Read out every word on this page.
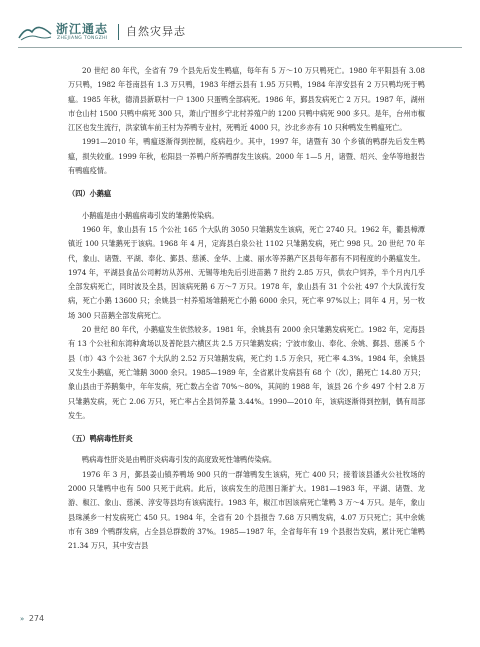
浙江通志
ZHEJIANG TONGZHI
自然灾异志

20 世纪 80 年代，全省有 79 个县先后发生鸭瘟，每年有 5 万～10 万只鸭死亡。1980 年平阳县有 3.08 万只鸭，1982 年苍南县有 1.3 万只鸭，1983 年缙云县有 1.95 万只鸭，1984 年淳安县有 2 万只鸭均死于鸭瘟。1985 年秋，德清县新联村一户 1300 只蛋鸭全部病死。1986 年，鄞县发病死亡 2 万只。1987 年，湖州市仓山村 1500 只鸭中病死 300 只，萧山宁围乡宁北村养殖户的 1200 只鸭中病死 900 多只。是年，台州市椒江区也发生流行，洪家镇车前王村为养鸭专业村，死鸭近 4000 只，沙北乡亦有 10 只种鸭发生鸭瘟死亡。

1991—2010 年，鸭瘟逐渐得到控制，疫病趋少。其中，1997 年，诸暨有 30 个乡镇的鸭群先后发生鸭瘟，损失较重。1999 年秋，松阳县一养鸭户所养鸭群发生该病。2000 年 1—5 月，诸暨、绍兴、金华等地报告有鸭瘟疫情。

（四）小鹅瘟

小鹅瘟是由小鹅瘟病毒引发的雏鹅传染病。

1960 年，象山县有 15 个公社 165 个大队的 3050 只雏鹅发生该病，死亡 2740 只。1962 年，衢县樟潭镇近 100 只雏鹅死于该病。1968 年 4 月，定海县白泉公社 1102 只雏鹅发病，死亡 998 只。20 世纪 70 年代，象山、诸暨、平湖、奉化、鄞县、慈溪、金华、上虞、丽水等养鹅产区县每年都有不同程度的小鹅瘟发生。1974 年，平湖县食品公司孵坊从苏州、无锡等地先后引进苗鹅 7 批约 2.85 万只，供农户饲养，半个月内几乎全部发病死亡，同时波及全县，因该病死鹅 6 万～7 万只。1978 年，象山县有 31 个公社 497 个大队流行发病，死亡小鹅 13600 只；余姚县一村养殖场雏鹅死亡小鹅 6000 余只，死亡率 97%以上；同年 4 月，另一牧场 300 只苗鹅全部发病死亡。

20 世纪 80 年代，小鹅瘟发生依然较多。1981 年，余姚县有 2000 余只雏鹅发病死亡。1982 年，定海县有 13 个公社和东湾种禽场以及普陀县六横区共 2.5 万只雏鹅发病；宁波市象山、奉化、余姚、鄞县、慈溪 5 个县（市）43 个公社 367 个大队的 2.52 万只雏鹅发病，死亡约 1.5 万余只，死亡率 4.3%。1984 年，余姚县又发生小鹅瘟，死亡雏鹅 3000 余只。1985—1989 年，全省累计发病县有 68 个（次），鹅死亡 14.80 万只；象山县由于养鹅集中，年年发病，死亡数占全省 70%～80%，其间的 1988 年，该县 26 个乡 497 个村 2.8 万只雏鹅发病，死亡 2.06 万只，死亡率占全县饲养量 3.44%。1990—2010 年，该病逐渐得到控制，偶有局部发生。

（五）鸭病毒性肝炎

鸭病毒性肝炎是由鸭肝炎病毒引发的高度致死性雏鸭传染病。

1976 年 3 月，鄞县姜山镇养鸭场 900 只的一群雏鸭发生该病，死亡 400 只；接着该县潘火公社牧场的 2000 只雏鸭中也有 500 只死于此病。此后，该病发生的范围日渐扩大。1981—1983 年，平湖、诸暨、龙游、椒江、象山、慈溪、淳安等县均有该病流行。1983 年，椒江市因该病死亡雏鸭 3 万～4 万只。是年，象山县珠溪乡一村发病死亡 450 只。1984 年，全省有 20 个县报告 7.68 万只鸭发病，4.07 万只死亡；其中余姚市有 389 个鸭群发病，占全县总群数的 37%。1985—1987 年，全省每年有 19 个县报告发病，累计死亡雏鸭 21.34 万只，其中安吉县

» 274
